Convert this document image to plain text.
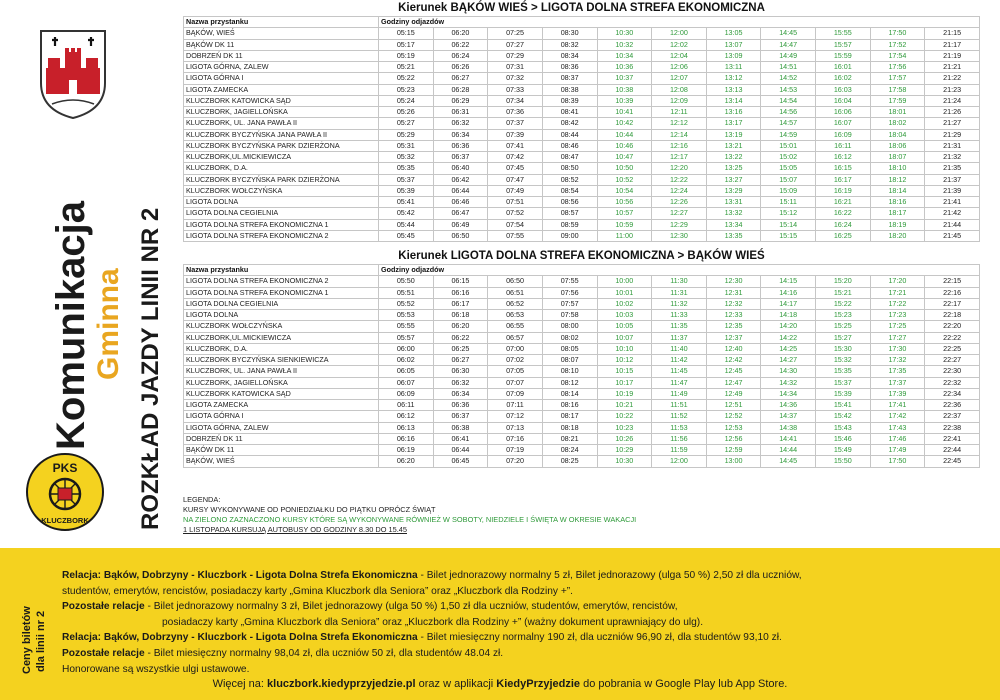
Komunikacja Gminna ROZKŁAD JAZDY LINII NR 2
PKS
KLUCZBORK
Kierunek BĄKÓW WIEŚ > LIGOTA DOLNA STREFA EKONOMICZNA
Nazwa przystanku	Godziny odjazdów										
BĄKÓW, WIEŚ	05:15	06:20	07:25	08:30	10:30	12:00	13:05	14:45	15:55	17:50	21:15
BĄKÓW DK 11	05:17	06:22	07:27	08:32	10:32	12:02	13:07	14:47	15:57	17:52	21:17
DOBRZEŃ DK 11	05:19	06:24	07:29	08:34	10:34	12:04	13:09	14:49	15:59	17:54	21:19
LIGOTA GÓRNA, ZALEW	05:21	06:26	07:31	08:36	10:36	12:06	13:11	14:51	16:01	17:56	21:21
LIGOTA GÓRNA I	05:22	06:27	07:32	08:37	10:37	12:07	13:12	14:52	16:02	17:57	21:22
LIGOTA ZAMECKA	05:23	06:28	07:33	08:38	10:38	12:08	13:13	14:53	16:03	17:58	21:23
KLUCZBORK KATOWICKA SĄD	05:24	06:29	07:34	08:39	10:39	12:09	13:14	14:54	16:04	17:59	21:24
KLUCZBORK, JAGIELLOŃSKA	05:26	06:31	07:36	08:41	10:41	12:11	13:16	14:56	16:06	18:01	21:26
KLUCZBORK, UL. JANA PAWŁA II	05:27	06:32	07:37	08:42	10:42	12:12	13:17	14:57	16:07	18:02	21:27
KLUCZBORK BYCZYŃSKA JANA PAWŁA II	05:29	06:34	07:39	08:44	10:44	12:14	13:19	14:59	16:09	18:04	21:29
KLUCZBORK BYCZYŃSKA PARK DZIERŻONA	05:31	06:36	07:41	08:46	10:46	12:16	13:21	15:01	16:11	18:06	21:31
KLUCZBORK,UL.MICKIEWICZA	05:32	06:37	07:42	08:47	10:47	12:17	13:22	15:02	16:12	18:07	21:32
KLUCZBORK, D.A.	05:35	06:40	07:45	08:50	10:50	12:20	13:25	15:05	16:15	18:10	21:35
KLUCZBORK BYCZYŃSKA PARK DZIERŻONA	05:37	06:42	07:47	08:52	10:52	12:22	13:27	15:07	16:17	18:12	21:37
KLUCZBORK WOŁCZYŃSKA	05:39	06:44	07:49	08:54	10:54	12:24	13:29	15:09	16:19	18:14	21:39
LIGOTA DOLNA	05:41	06:46	07:51	08:56	10:56	12:26	13:31	15:11	16:21	18:16	21:41
LIGOTA DOLNA CEGIELNIA	05:42	06:47	07:52	08:57	10:57	12:27	13:32	15:12	16:22	18:17	21:42
LIGOTA DOLNA STREFA EKONOMICZNA 1	05:44	06:49	07:54	08:59	10:59	12:29	13:34	15:14	16:24	18:19	21:44
LIGOTA DOLNA STREFA EKONOMICZNA 2	05:45	06:50	07:55	09:00	11:00	12:30	13:35	15:15	16:25	18:20	21:45
Kierunek LIGOTA DOLNA STREFA EKONOMICZNA > BĄKÓW WIEŚ
Nazwa przystanku	Godziny odjazdów										
LIGOTA DOLNA STREFA EKONOMICZNA 2	05:50	06:15	06:50	07:55	10:00	11:30	12:30	14:15	15:20	17:20	22:15
LIGOTA DOLNA STREFA EKONOMICZNA 1	05:51	06:16	06:51	07:56	10:01	11:31	12:31	14:16	15:21	17:21	22:16
LIGOTA DOLNA CEGIELNIA	05:52	06:17	06:52	07:57	10:02	11:32	12:32	14:17	15:22	17:22	22:17
LIGOTA DOLNA	05:53	06:18	06:53	07:58	10:03	11:33	12:33	14:18	15:23	17:23	22:18
KLUCZBORK WOŁCZYŃSKA	05:55	06:20	06:55	08:00	10:05	11:35	12:35	14:20	15:25	17:25	22:20
KLUCZBORK,UL.MICKIEWICZA	05:57	06:22	06:57	08:02	10:07	11:37	12:37	14:22	15:27	17:27	22:22
KLUCZBORK, D.A.	06:00	06:25	07:00	08:05	10:10	11:40	12:40	14:25	15:30	17:30	22:25
KLUCZBORK BYCZYŃSKA SIENKIEWICZA	06:02	06:27	07:02	08:07	10:12	11:42	12:42	14:27	15:32	17:32	22:27
KLUCZBORK, UL. JANA PAWŁA II	06:05	06:30	07:05	08:10	10:15	11:45	12:45	14:30	15:35	17:35	22:30
KLUCZBORK, JAGIELLOŃSKA	06:07	06:32	07:07	08:12	10:17	11:47	12:47	14:32	15:37	17:37	22:32
KLUCZBORK KATOWICKA SĄD	06:09	06:34	07:09	08:14	10:19	11:49	12:49	14:34	15:39	17:39	22:34
LIGOTA ZAMECKA	06:11	06:36	07:11	08:16	10:21	11:51	12:51	14:36	15:41	17:41	22:36
LIGOTA GÓRNA I	06:12	06:37	07:12	08:17	10:22	11:52	12:52	14:37	15:42	17:42	22:37
LIGOTA GÓRNA, ZALEW	06:13	06:38	07:13	08:18	10:23	11:53	12:53	14:38	15:43	17:43	22:38
DOBRZEŃ DK 11	06:16	06:41	07:16	08:21	10:26	11:56	12:56	14:41	15:46	17:46	22:41
BĄKÓW DK 11	06:19	06:44	07:19	08:24	10:29	11:59	12:59	14:44	15:49	17:49	22:44
BĄKÓW, WIEŚ	06:20	06:45	07:20	08:25	10:30	12:00	13:00	14:45	15:50	17:50	22:45
LEGENDA:
KURSY WYKONYWANE OD PONIEDZIAŁKU DO PIĄTKU OPRÓCZ ŚWIĄT
NA ZIELONO ZAZNACZONO KURSY KTÓRE SĄ WYKONYWANE RÓWNIEŻ W SOBOTY, NIEDZIELE I ŚWIĘTA W OKRESIE WAKACJI
1 LISTOPADA KURSUJĄ AUTOBUSY OD GODZINY 8.30 DO 15.45
Ceny biletów dla linii nr 2

Relacja: Bąków, Dobrzyny - Kluczbork - Ligota Dolna Strefa Ekonomiczna - Bilet jednorazowy normalny 5 zł, Bilet jednorazowy (ulga 50 %) 2,50 zł dla uczniów,

studentów, emerytów, rencistów, posiadaczy karty „Gmina Kluczbork dla Seniora” oraz „Kluczbork dla Rodziny +”.

Pozostałe relacje - Bilet jednorazowy normalny 3 zł, Bilet jednorazowy (ulga 50 %) 1,50 zł dla uczniów, studentów, emerytów, rencistów,

posiadaczy karty „Gmina Kluczbork dla Seniora” oraz „Kluczbork dla Rodziny +” (ważny dokument uprawniający do ulg).

Relacja: Bąków, Dobrzyny - Kluczbork - Ligota Dolna Strefa Ekonomiczna - Bilet miesięczny normalny 190 zł, dla uczniów 96,90 zł, dla studentów 93,10 zł.

Pozostałe relacje - Bilet miesięczny normalny 98,04 zł, dla uczniów 50 zł, dla studentów 48.04 zł.

Honorowane są wszystkie ulgi ustawowe.

Więcej na: kluczbork.kiedyprzyjedzie.pl oraz w aplikacji KiedyPrzyjedzie do pobrania w Google Play lub App Store.
